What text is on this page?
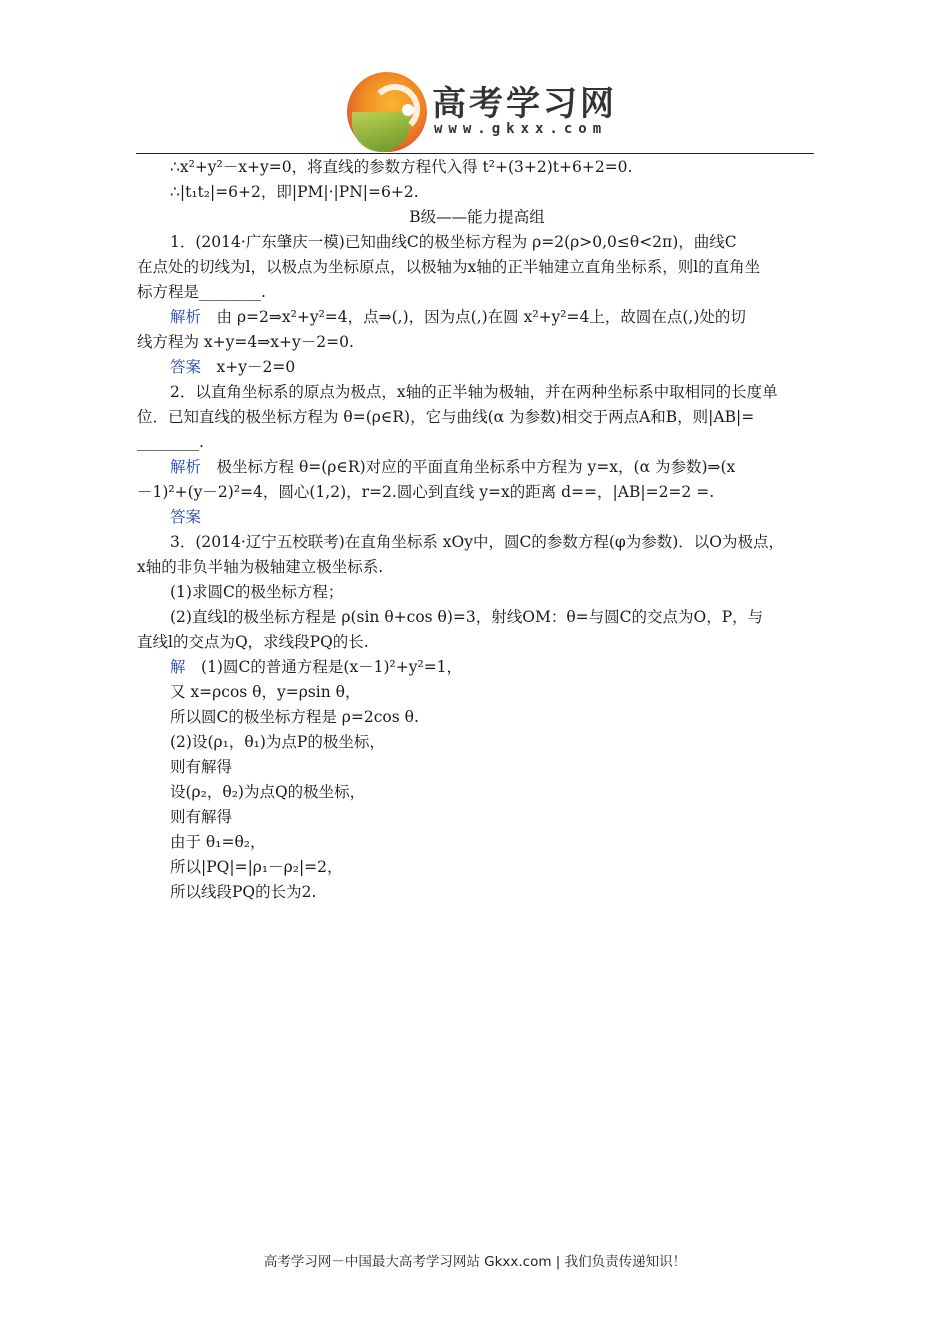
高考学习网
www.gkxx.com

∴x²+y²－x+y=0，将直线的参数方程代入得 t²+(3+2)t+6+2=0.

∴|t₁t₂|=6+2，即|PM|·|PN|=6+2.

B级——能力提高组

1．(2014·广东肇庆一模)已知曲线C的极坐标方程为 ρ=2(ρ>0,0≤θ<2π)，曲线C

在点处的切线为l，以极点为坐标原点，以极轴为x轴的正半轴建立直角坐标系，则l的直角坐

标方程是________.

解析　由 ρ=2⇒x²+y²=4，点⇒(,)，因为点(,)在圆 x²+y²=4上，故圆在点(,)处的切

线方程为 x+y=4⇒x+y－2=0.

答案　x+y－2=0

2．以直角坐标系的原点为极点，x轴的正半轴为极轴，并在两种坐标系中取相同的长度单

位．已知直线的极坐标方程为 θ=(ρ∈R)，它与曲线(α 为参数)相交于两点A和B，则|AB|=

________.

解析　极坐标方程 θ=(ρ∈R)对应的平面直角坐标系中方程为 y=x，(α 为参数)⇒(x

－1)²+(y－2)²=4，圆心(1,2)，r=2.圆心到直线 y=x的距离 d==，|AB|=2=2 =.

答案

3．(2014·辽宁五校联考)在直角坐标系 xOy中，圆C的参数方程(φ为参数)．以O为极点，

x轴的非负半轴为极轴建立极坐标系.

(1)求圆C的极坐标方程；

(2)直线l的极坐标方程是 ρ(sin θ+cos θ)=3，射线OM：θ=与圆C的交点为O，P，与

直线l的交点为Q，求线段PQ的长.

解　(1)圆C的普通方程是(x－1)²+y²=1，

又 x=ρcos θ，y=ρsin θ，

所以圆C的极坐标方程是 ρ=2cos θ.

(2)设(ρ₁，θ₁)为点P的极坐标，

则有解得

设(ρ₂，θ₂)为点Q的极坐标，

则有解得

由于 θ₁=θ₂，

所以|PQ|=|ρ₁－ρ₂|=2，

所以线段PQ的长为2.

高考学习网－中国最大高考学习网站 Gkxx.com | 我们负责传递知识！
